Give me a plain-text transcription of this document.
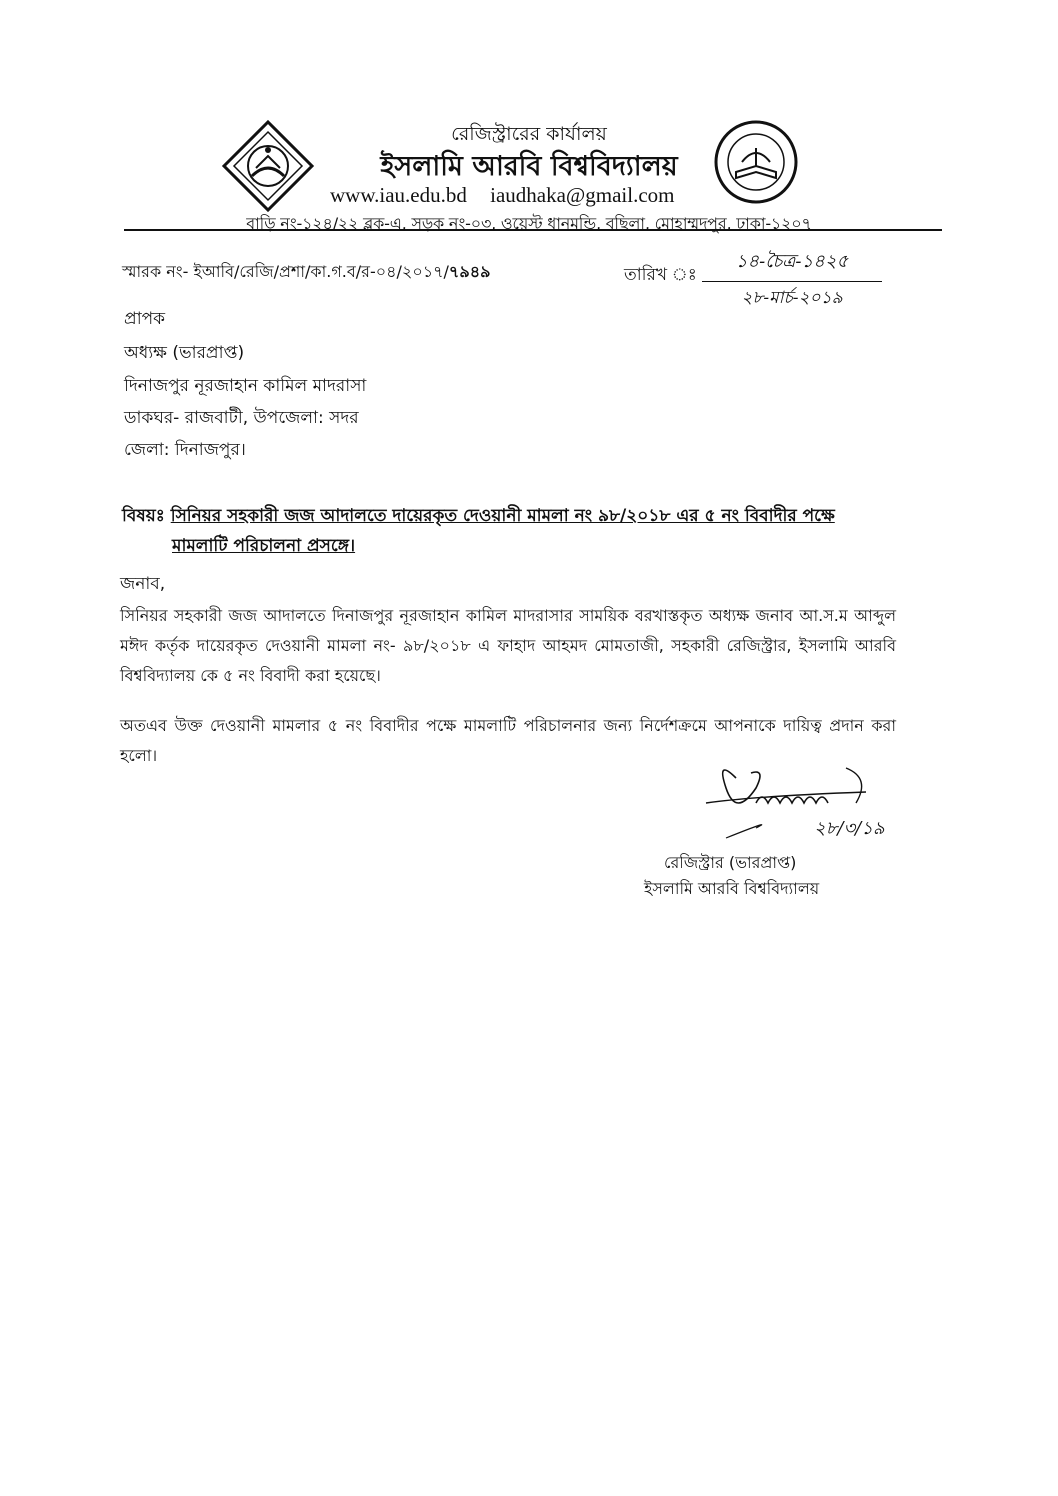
রেজিস্ট্রারের কার্যালয়
ইসলামি আরবি বিশ্ববিদ্যালয়
www.iau.edu.bd iaudhaka@gmail.com
বাড়ি নং-১২৪/২২ ব্লক-এ, সড়ক নং-০৩, ওয়েস্ট ধানমন্ডি, বছিলা, মোহাম্মদপুর, ঢাকা-১২০৭
স্মারক নং- ইআবি/রেজি/প্রশা/কা.গ.ব/র-০৪/২০১৭/৭৯৪৯	তারিখ ঃ
১৪-চৈত্র-১৪২৫
২৮-মার্চ-২০১৯
প্রাপক
অধ্যক্ষ (ভারপ্রাপ্ত)
দিনাজপুর নূরজাহান কামিল মাদরাসা
ডাকঘর- রাজবাটী, উপজেলা: সদর
জেলা: দিনাজপুর।
বিষয়ঃ সিনিয়র সহকারী জজ আদালতে দায়েরকৃত দেওয়ানী মামলা নং ৯৮/২০১৮ এর ৫ নং বিবাদীর পক্ষে
মামলাটি পরিচালনা প্রসঙ্গে।
জনাব,
সিনিয়র সহকারী জজ আদালতে দিনাজপুর নূরজাহান কামিল মাদরাসার সাময়িক বরখাস্তকৃত অধ্যক্ষ জনাব আ.স.ম আব্দুল মঈদ কর্তৃক দায়েরকৃত দেওয়ানী মামলা নং- ৯৮/২০১৮ এ ফাহাদ আহমদ মোমতাজী, সহকারী রেজিস্ট্রার, ইসলামি আরবি বিশ্ববিদ্যালয় কে ৫ নং বিবাদী করা হয়েছে।
অতএব উক্ত দেওয়ানী মামলার ৫ নং বিবাদীর পক্ষে মামলাটি পরিচালনার জন্য নির্দেশক্রমে আপনাকে দায়িত্ব প্রদান করা হলো।
২৮/৩/১৯
রেজিস্ট্রার (ভারপ্রাপ্ত)
ইসলামি আরবি বিশ্ববিদ্যালয়
